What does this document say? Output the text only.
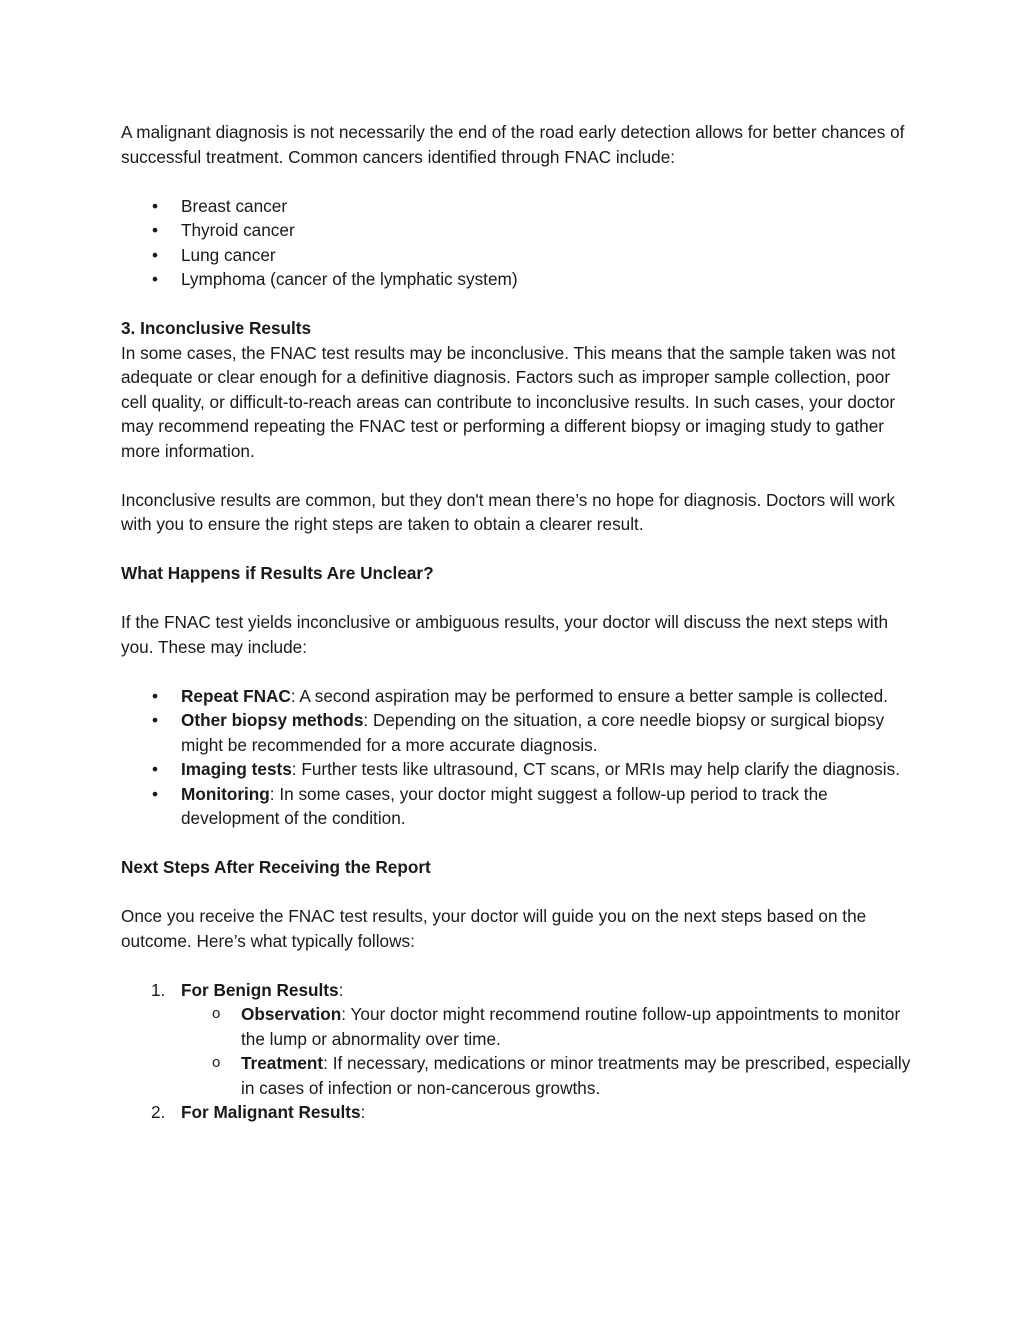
A malignant diagnosis is not necessarily the end of the road early detection allows for better chances of successful treatment. Common cancers identified through FNAC include:

• Breast cancer
• Thyroid cancer
• Lung cancer
• Lymphoma (cancer of the lymphatic system)

3. Inconclusive Results

In some cases, the FNAC test results may be inconclusive. This means that the sample taken was not adequate or clear enough for a definitive diagnosis. Factors such as improper sample collection, poor cell quality, or difficult-to-reach areas can contribute to inconclusive results. In such cases, your doctor may recommend repeating the FNAC test or performing a different biopsy or imaging study to gather more information.

Inconclusive results are common, but they don't mean there’s no hope for diagnosis. Doctors will work with you to ensure the right steps are taken to obtain a clearer result.

What Happens if Results Are Unclear?

If the FNAC test yields inconclusive or ambiguous results, your doctor will discuss the next steps with you. These may include:

• Repeat FNAC: A second aspiration may be performed to ensure a better sample is collected.
• Other biopsy methods: Depending on the situation, a core needle biopsy or surgical biopsy might be recommended for a more accurate diagnosis.
• Imaging tests: Further tests like ultrasound, CT scans, or MRIs may help clarify the diagnosis.
• Monitoring: In some cases, your doctor might suggest a follow-up period to track the development of the condition.

Next Steps After Receiving the Report

Once you receive the FNAC test results, your doctor will guide you on the next steps based on the outcome. Here’s what typically follows:

1. For Benign Results:
o Observation: Your doctor might recommend routine follow-up appointments to monitor the lump or abnormality over time.
o Treatment: If necessary, medications or minor treatments may be prescribed, especially in cases of infection or non-cancerous growths.
2. For Malignant Results:
